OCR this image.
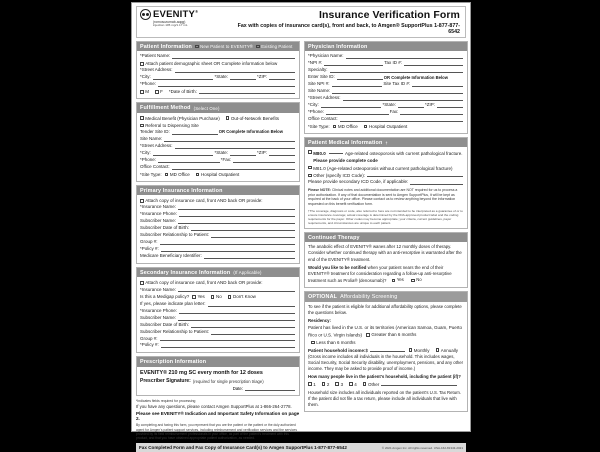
EVENITY®
(romosozumab-aqqg)
injection 105 mg/1.17 mL
Insurance Verification Form
Fax with copies of insurance card(s), front and back, to Amgen® SupportPlus 1-877-877-6542
Patient Information New Patient to EVENITY® Existing Patient
*Patient Name:
Attach patient demographic sheet OR Complete information below
*Street Address:
*City:	*State:	*ZIP:
*Phone:
M F *Date of Birth:
Fulfillment Method (Select One)
Medical Benefit (Physician Purchase) Out-of-Network Benefits
Referral to Dispensing Site
Tender Site ID:	OR Complete Information Below
Site Name:
*Street Address:
*City:	*State:	*ZIP:
*Phone:	*Fax:
Office Contact:
*Site Type: MD Office Hospital Outpatient
Primary Insurance Information
Attach copy of insurance card, front AND back OR provide:
*Insurance Name:
*Insurance Phone:
Subscriber Name:
Subscriber Date of Birth:
Subscriber Relationship to Patient:
Group #:
*Policy #:
Medicare Beneficiary Identifier:
Secondary Insurance Information (If Applicable)
Attach copy of insurance card, front AND back OR provide:
*Insurance Name:
Is this a Medigap policy? Yes No Don't Know
If yes, please indicate plan letter:
*Insurance Phone:
Subscriber Name:
Subscriber Date of Birth:
Subscriber Relationship to Patient:
Group #:
*Policy #:
Prescription Information
EVENITY® 210 mg SC every month for 12 doses
Prescriber Signature: (required for single prescription triage)
Date:
*Indicates fields required for processing
If you have any questions, please contact Amgen SupportPlus at 1-866-264-2778.
Please see EVENITY® Indication and Important Safety Information on page 2.
By completing and faxing this form, you represent that you are the patient or the patient or the duly authorized agent for Amgen's patient support services, including reimbursement and verification services and the services provided by its field reimbursement professionals in your office, as part of the patient's treatment with this product, and that you have obtained appropriate patient authorization, as needed.
Physician Information
*Physician Name:
*NPI #:	Tax ID #:
Specialty:
Enter Site ID:	OR Complete Information Below
Site NPI #:	Site Tax ID #:
Site Name:
*Street Address:
*City:	*State:	*ZIP:
*Phone:	Fax:
Office Contact:
*Site Type: MD Office Hospital Outpatient
Patient Medical Information †
M80.0	Age-related osteoporosis with current pathological fracture. Please provide complete code
M81.0 (Age-related osteoporosis without current pathological fracture)
Other (specify ICD Code):
Please provide secondary ICD Code, if applicable:
Please NOTE: Clinical notes and additional documentation are NOT required for us to process a prior authorization. If any of that documentation is sent to Amgen SupportPlus, it will be kept as required at the back of your office. Please contact us to review anything beyond the information requested on this benefit verification form.
†The coverage, diagnosis or code, also referred to here are not intended to be interpreted as a guarantee of or to ensure insurance coverage; actual coverage is determined by the FDA-approved product label and the coding requirements for the payer. Other codes may become appropriate; your criteria, current guidelines, payer requirements, and circumstances are unique to each patient.
Continued Therapy
The anabolic effect of EVENITY® wanes after 12 monthly doses of therapy. Consider whether continued therapy with an anti-resorptive is warranted after the end of the EVENITY® treatment.
Would you like to be notified when your patient nears the end of their EVENITY® treatment for consideration regarding a follow-up anti-resorptive treatment such as Prolia® (denosumab)? Yes
	No
OPTIONAL Affordability Screening
To see if the patient is eligible for additional affordability options, please complete the questions below.
Residency:
Patient has lived in the U.S. or its territories (American Samoa, Guam, Puerto Rico or U.S. Virgin Islands) Greater than 6 months

Less than 6 months
Patient household income: $	Monthly Annually
(Gross income includes all individuals in the household. This includes wages, Social Security, Social Security disability, unemployment, pensions, and any other income. They may be asked to provide proof of income.)
How many people live in the patient's household, including the patient (if)?
1 2 3 4 Other
Household size includes all individuals reported on the patient's U.S. Tax Return. If the patient did not file a tax return, please include all individuals that live with them.
Fax Completed Form and Fax Copy of Insurance Card(s) to Amgen SupportPlus 1-877-877-6542	© 2021 Amgen Inc. All rights reserved. USA-162-81343-2021
